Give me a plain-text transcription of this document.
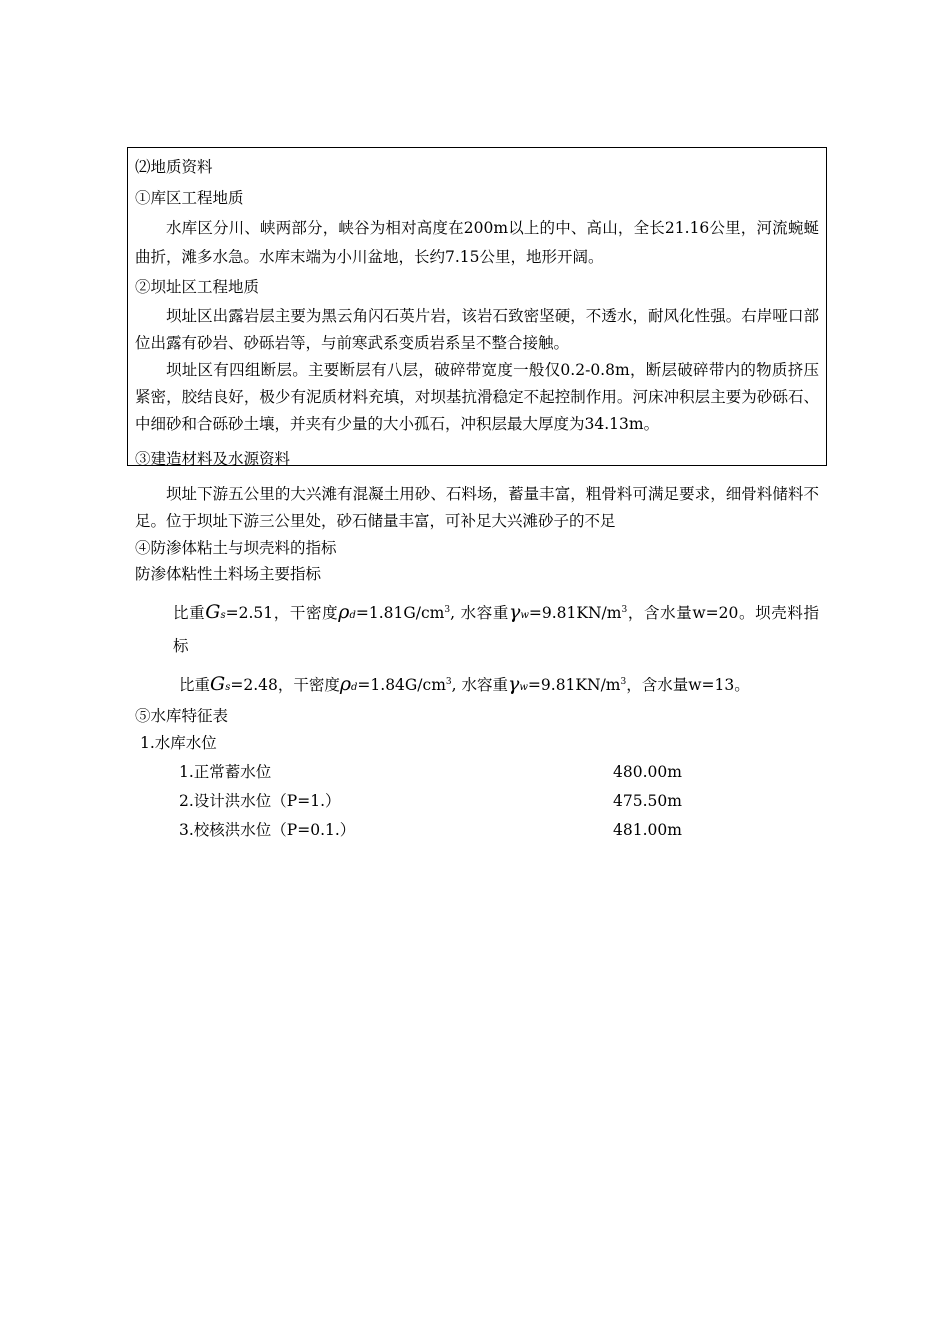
⑵地质资料
①库区工程地质

水库区分川、峡两部分，峡谷为相对高度在200m以上的中、高山，全长21.16公里，河流蜿蜒曲折，滩多水急。水库末端为小川盆地，长约7.15公里，地形开阔。

②坝址区工程地质

坝址区出露岩层主要为黑云角闪石英片岩，该岩石致密坚硬，不透水，耐风化性强。右岸哑口部位出露有砂岩、砂砾岩等，与前寒武系变质岩系呈不整合接触。

坝址区有四组断层。主要断层有八层，破碎带宽度一般仅0.2-0.8m，断层破碎带内的物质挤压紧密，胶结良好，极少有泥质材料充填，对坝基抗滑稳定不起控制作用。河床冲积层主要为砂砾石、中细砂和合砾砂土壤，并夹有少量的大小孤石，冲积层最大厚度为34.13m。

③建造材料及水源资料

坝址下游五公里的大兴滩有混凝土用砂、石料场，蓄量丰富，粗骨料可满足要求，细骨料储料不足。位于坝址下游三公里处，砂石储量丰富，可补足大兴滩砂子的不足

④防渗体粘土与坝壳料的指标
防渗体粘性土料场主要指标

比重Gs=2.51，干密度$\rho d=1.81G/cm^3$, 水容重$\gamma w=9.81KN/m^3$，含水量w=20。坝壳料指标

比重Gs=2.48，干密度$\rho d=1.84G/cm^3$, 水容重$\gamma w=9.81KN/m^3$，含水量w=13。

⑤水库特征表
1.水库水位
1.正常蓄水位	480.00m
2.设计洪水位（P=1.）	475.50m
3.校核洪水位（P=0.1.）	481.00m
